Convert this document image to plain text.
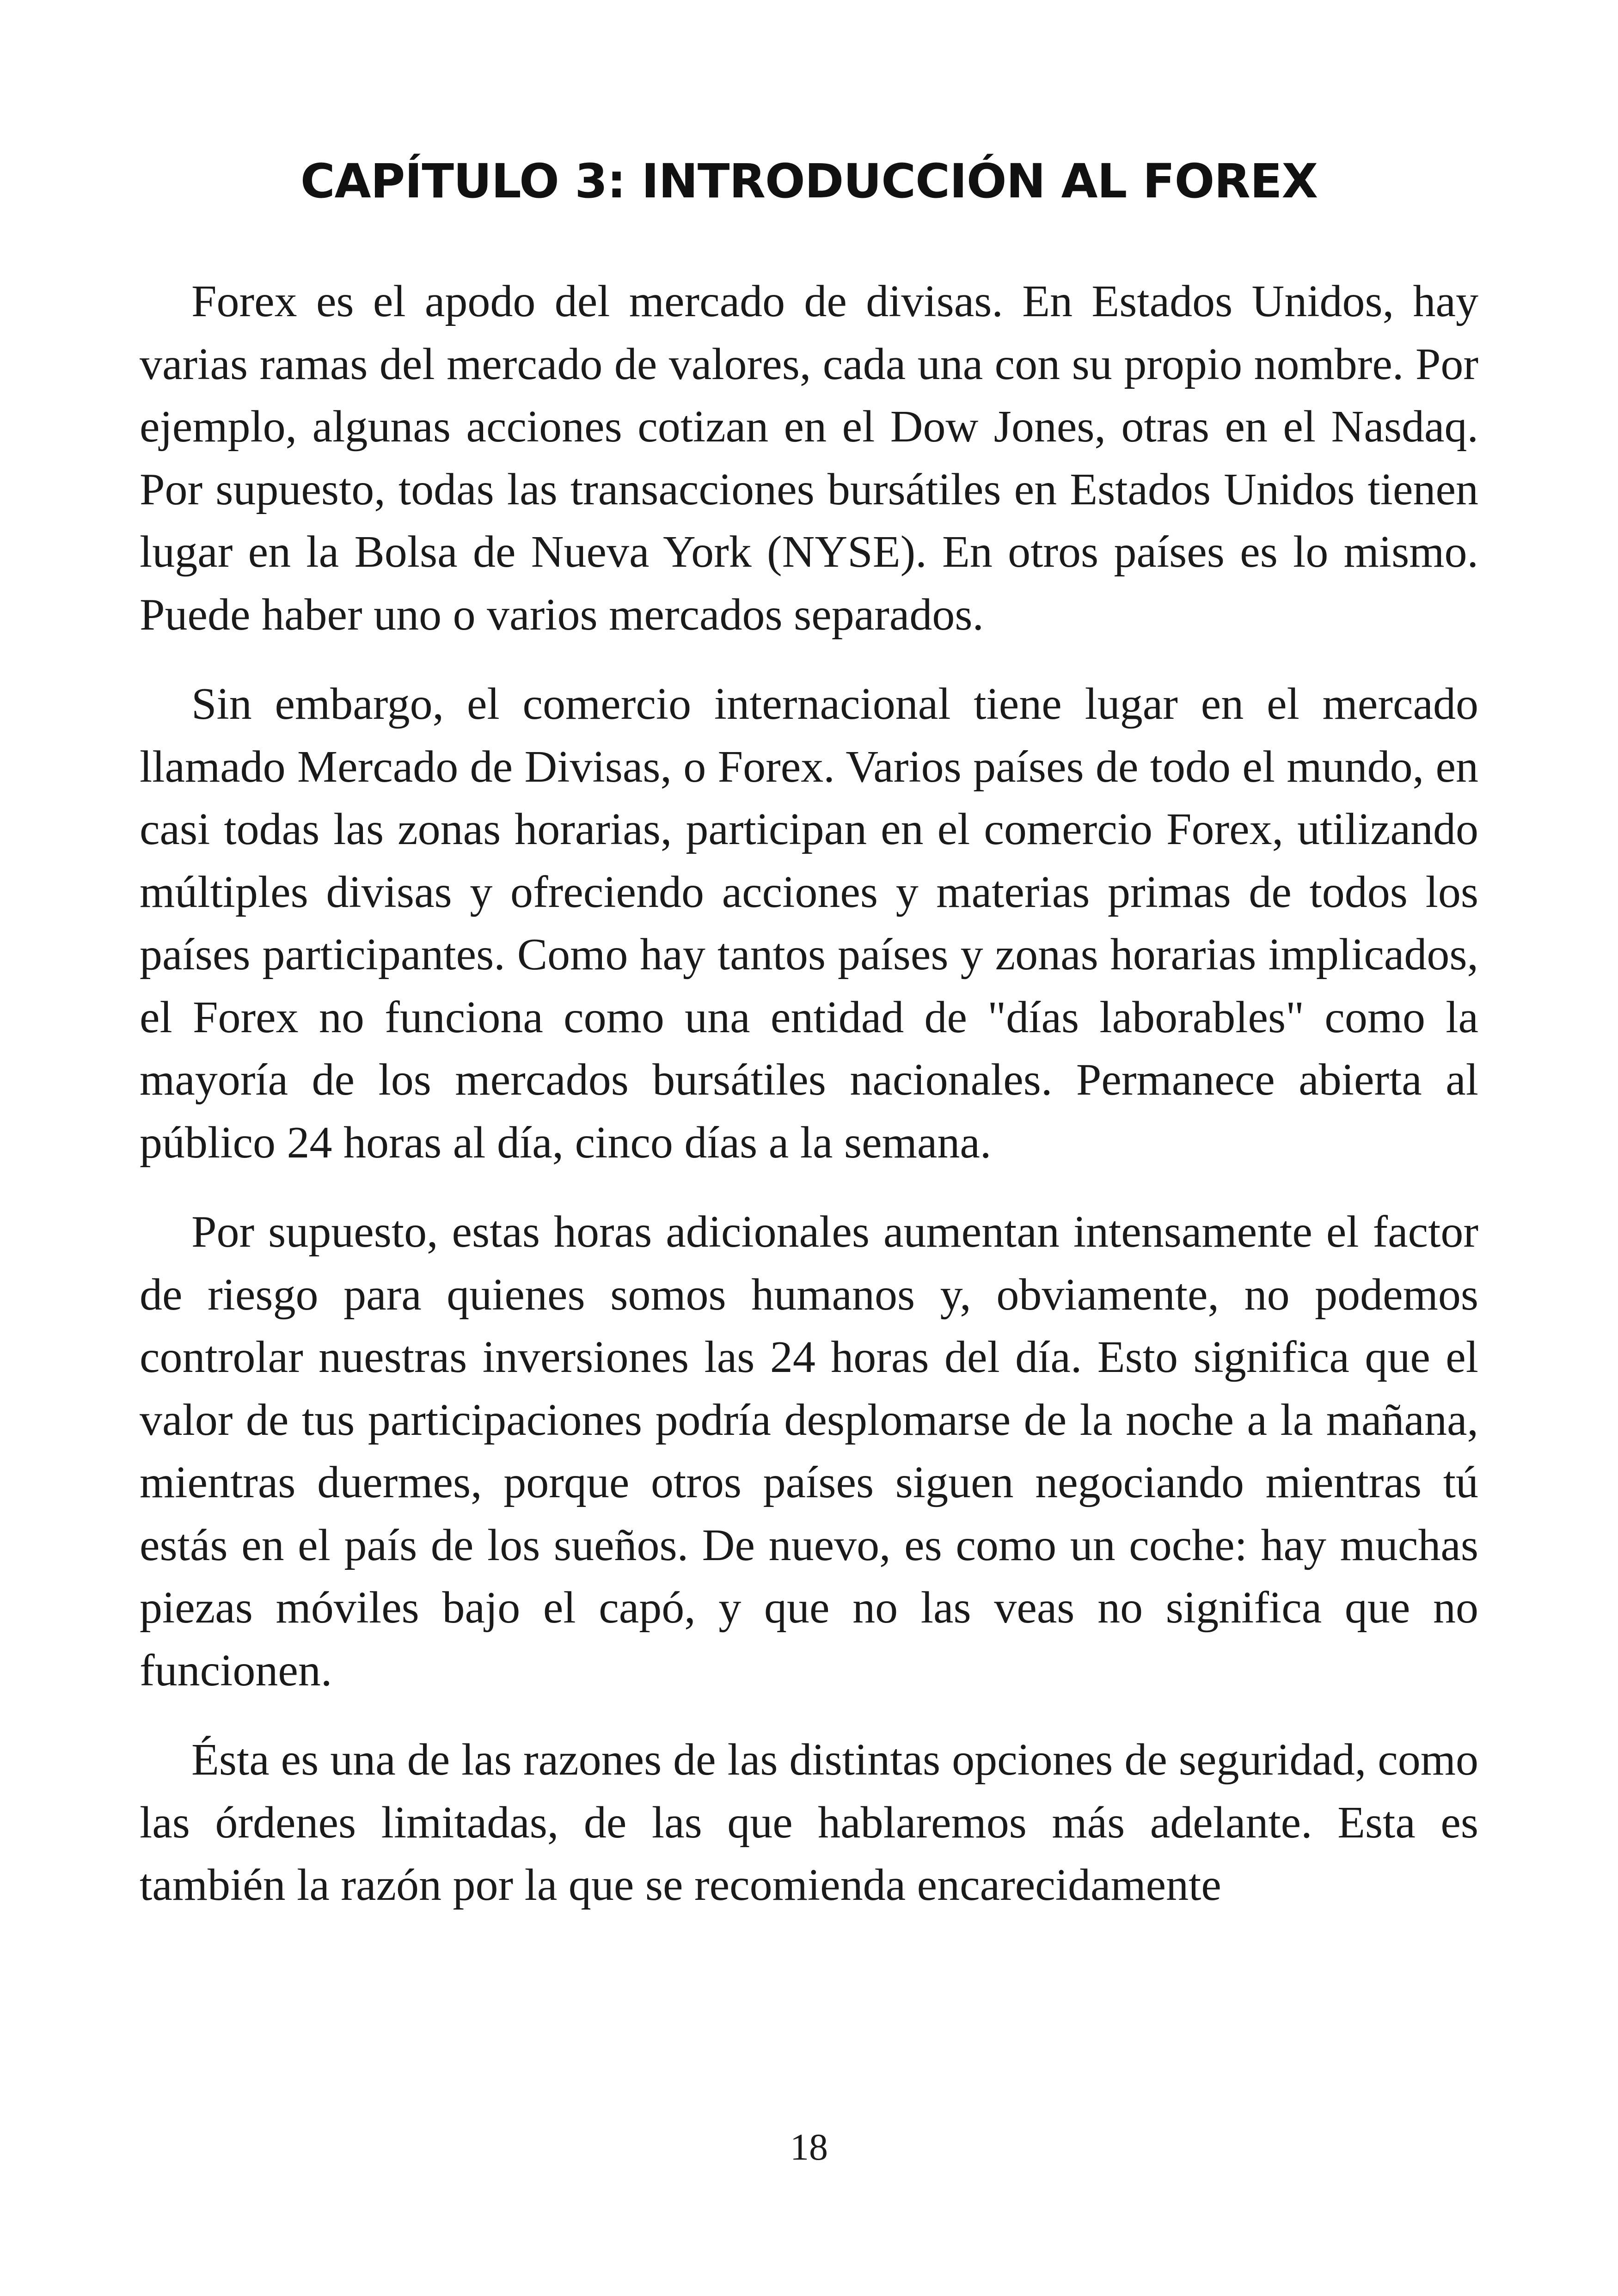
CAPÍTULO 3: INTRODUCCIÓN AL FOREX

Forex es el apodo del mercado de divisas. En Estados Unidos, hay varias ramas del mercado de valores, cada una con su propio nombre. Por ejemplo, algunas acciones cotizan en el Dow Jones, otras en el Nasdaq. Por supuesto, todas las transacciones bursátiles en Estados Unidos tienen lugar en la Bolsa de Nueva York (NYSE). En otros países es lo mismo. Puede haber uno o varios mercados separados.

Sin embargo, el comercio internacional tiene lugar en el mercado llamado Mercado de Divisas, o Forex. Varios países de todo el mundo, en casi todas las zonas horarias, participan en el comercio Forex, utilizando múltiples divisas y ofreciendo acciones y materias primas de todos los países participantes. Como hay tantos países y zonas horarias implicados, el Forex no funciona como una entidad de "días laborables" como la mayoría de los mercados bursátiles nacionales. Permanece abierta al público 24 horas al día, cinco días a la semana.

Por supuesto, estas horas adicionales aumentan intensamente el factor de riesgo para quienes somos humanos y, obviamente, no podemos controlar nuestras inversiones las 24 horas del día. Esto significa que el valor de tus participaciones podría desplomarse de la noche a la mañana, mientras duermes, porque otros países siguen negociando mientras tú estás en el país de los sueños. De nuevo, es como un coche: hay muchas piezas móviles bajo el capó, y que no las veas no significa que no funcionen.

Ésta es una de las razones de las distintas opciones de seguridad, como las órdenes limitadas, de las que hablaremos más adelante. Esta es también la razón por la que se recomienda encarecidamente

18
